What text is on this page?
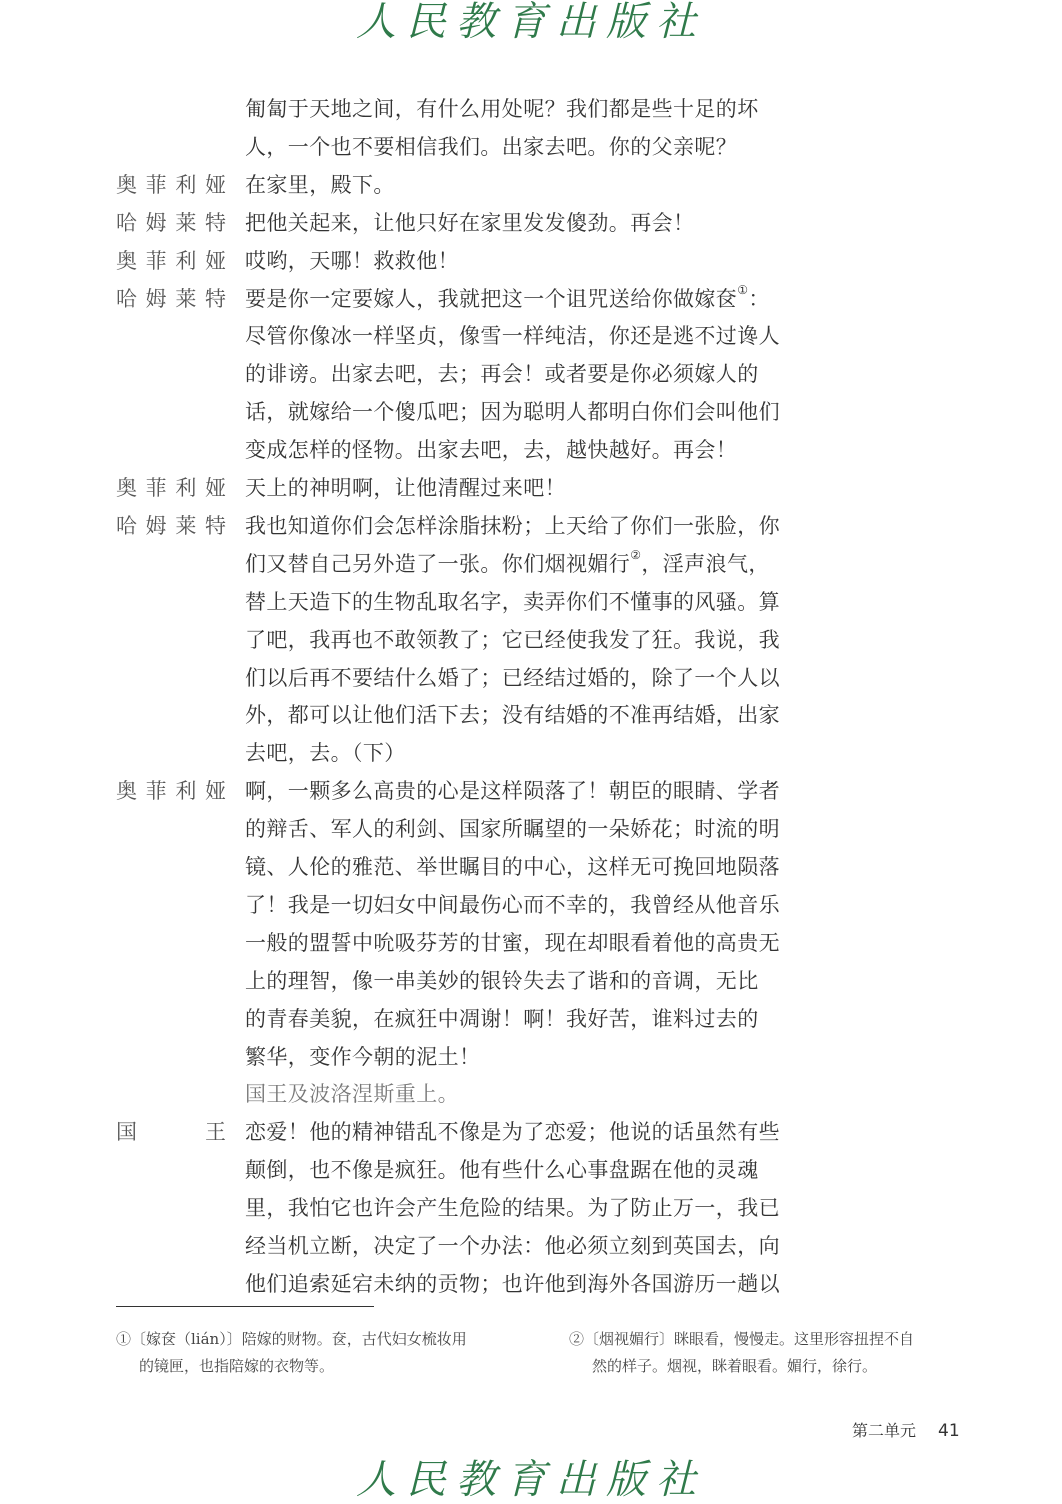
人民教育出版社
匍匐于天地之间，有什么用处呢？我们都是些十足的坏
人，一个也不要相信我们。出家去吧。你的父亲呢？
奥 菲 利 娅 在家里，殿下。
哈 姆 莱 特 把他关起来，让他只好在家里发发傻劲。再会！
奥 菲 利 娅 哎哟，天哪！救救他！
哈 姆 莱 特 要是你一定要嫁人，我就把这一个诅咒送给你做嫁奁①：
尽管你像冰一样坚贞，像雪一样纯洁，你还是逃不过谗人
的诽谤。出家去吧，去；再会！或者要是你必须嫁人的
话，就嫁给一个傻瓜吧；因为聪明人都明白你们会叫他们
变成怎样的怪物。出家去吧，去，越快越好。再会！
奥 菲 利 娅 天上的神明啊，让他清醒过来吧！
哈 姆 莱 特 我也知道你们会怎样涂脂抹粉；上天给了你们一张脸，你
们又替自己另外造了一张。你们烟视媚行②，淫声浪气，
替上天造下的生物乱取名字，卖弄你们不懂事的风骚。算
了吧，我再也不敢领教了；它已经使我发了狂。我说，我
们以后再不要结什么婚了；已经结过婚的，除了一个人以
外，都可以让他们活下去；没有结婚的不准再结婚，出家
去吧，去。（下）
奥 菲 利 娅 啊，一颗多么高贵的心是这样陨落了！朝臣的眼睛、学者
的辩舌、军人的利剑、国家所瞩望的一朵娇花；时流的明
镜、人伦的雅范、举世瞩目的中心，这样无可挽回地陨落
了！我是一切妇女中间最伤心而不幸的，我曾经从他音乐
一般的盟誓中吮吸芬芳的甘蜜，现在却眼看着他的高贵无
上的理智，像一串美妙的银铃失去了谐和的音调，无比
的青春美貌，在疯狂中凋谢！啊！我好苦，谁料过去的
繁华，变作今朝的泥土！
国王及波洛涅斯重上。
国	王 恋爱！他的精神错乱不像是为了恋爱；他说的话虽然有些
颠倒，也不像是疯狂。他有些什么心事盘踞在他的灵魂
里，我怕它也许会产生危险的结果。为了防止万一，我已
经当机立断，决定了一个办法：他必须立刻到英国去，向
他们追索延宕未纳的贡物；也许他到海外各国游历一趟以
①〔嫁奁（lián）〕陪嫁的财物。奁，古代妇女梳妆用
的镜匣，也指陪嫁的衣物等。
②〔烟视媚行〕眯眼看，慢慢走。这里形容扭捏不自
然的样子。烟视，眯着眼看。媚行，徐行。
第二单元 41
人民教育出版社
